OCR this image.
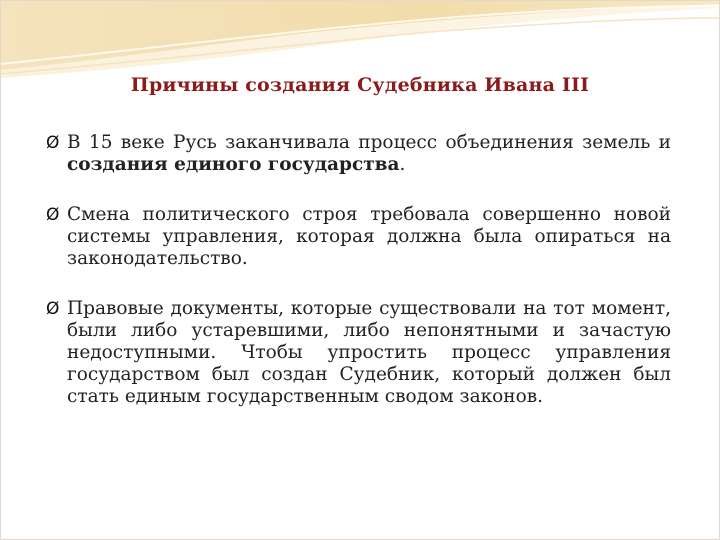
Причины создания Судебника Ивана III
Ø В 15 веке Русь заканчивала процесс объединения земель и создания единого государства.
Ø Смена политического строя требовала совершенно новой системы управления, которая должна была опираться на законодательство.
Ø Правовые документы, которые существовали на тот момент, были либо устаревшими, либо непонятными и зачастую недоступными. Чтобы упростить процесс управления государством был создан Судебник, который должен был стать единым государственным сводом законов.
